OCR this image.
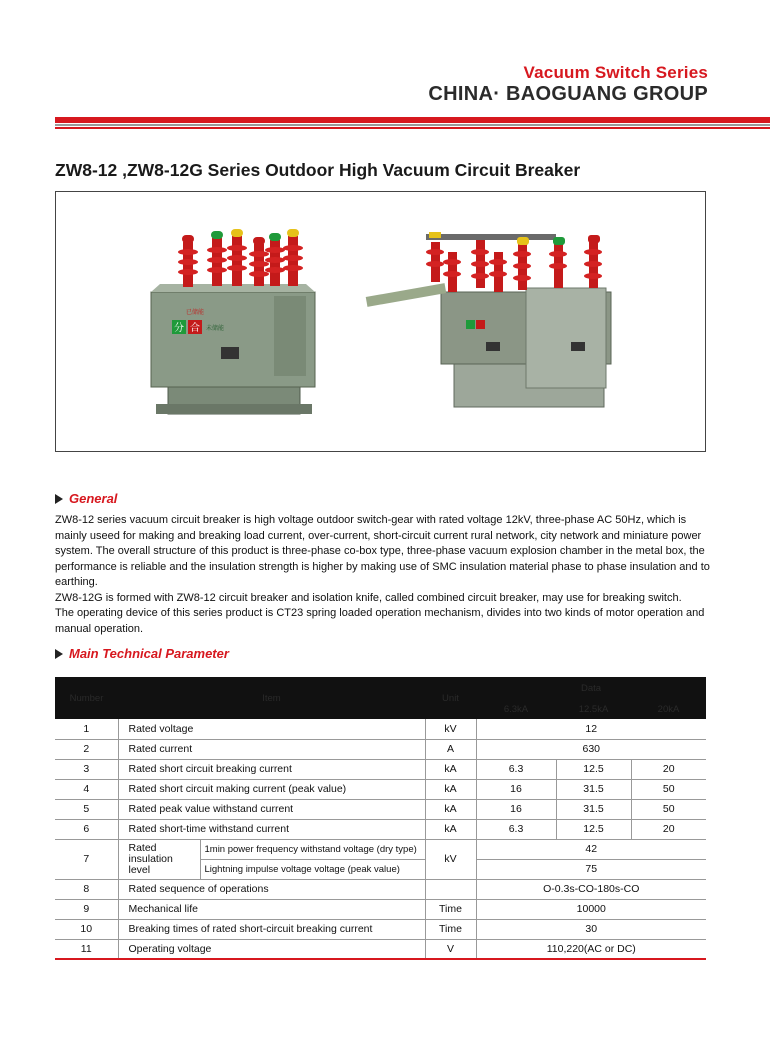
Vacuum Switch Series
CHINA· BAOGUANG GROUP
ZW8-12 ,ZW8-12G Series Outdoor High Vacuum Circuit Breaker
分 合
已储能
未储能
General

ZW8-12 series vacuum circuit breaker is high voltage outdoor switch-gear with rated voltage 12kV, three-phase AC 50Hz, which is mainly useed for making and breaking load current, over-current, short-circuit current rural network, city network and miniature power system. The overall structure of this product is three-phase co-box type, three-phase vacuum explosion chamber in the metal box, the performance is reliable and the insulation strength is higher by making use of SMC insulation material phase to phase insulation and to earthing.

ZW8-12G is formed with ZW8-12 circuit breaker and isolation knife, called combined circuit breaker, may use for breaking switch.

The operating device of this series product is CT23 spring loaded operation mechanism, divides into two kinds of motor operation and manual operation.

Main Technical Parameter
Number	Item		Unit	Data		
				6.3kA	12.5kA	20kA
1	Rated voltage		kV	12		
2	Rated current		A	630		
3	Rated short circuit breaking current		kA	6.3	12.5	20
4	Rated short circuit making current (peak value)		kA	16	31.5	50
5	Rated peak value withstand current		kA	16	31.5	50
6	Rated short-time withstand current		kA	6.3	12.5	20
7	Rated insulation level	1min power frequency withstand voltage (dry type)	kV	42		
		Lightning impulse voltage voltage (peak value)		75		
8	Rated sequence of operations			O-0.3s-CO-180s-CO		
9	Mechanical life		Time	10000		
10	Breaking times of rated short-circuit breaking current		Time	30		
11	Operating voltage		V	110,220(AC or DC)		
